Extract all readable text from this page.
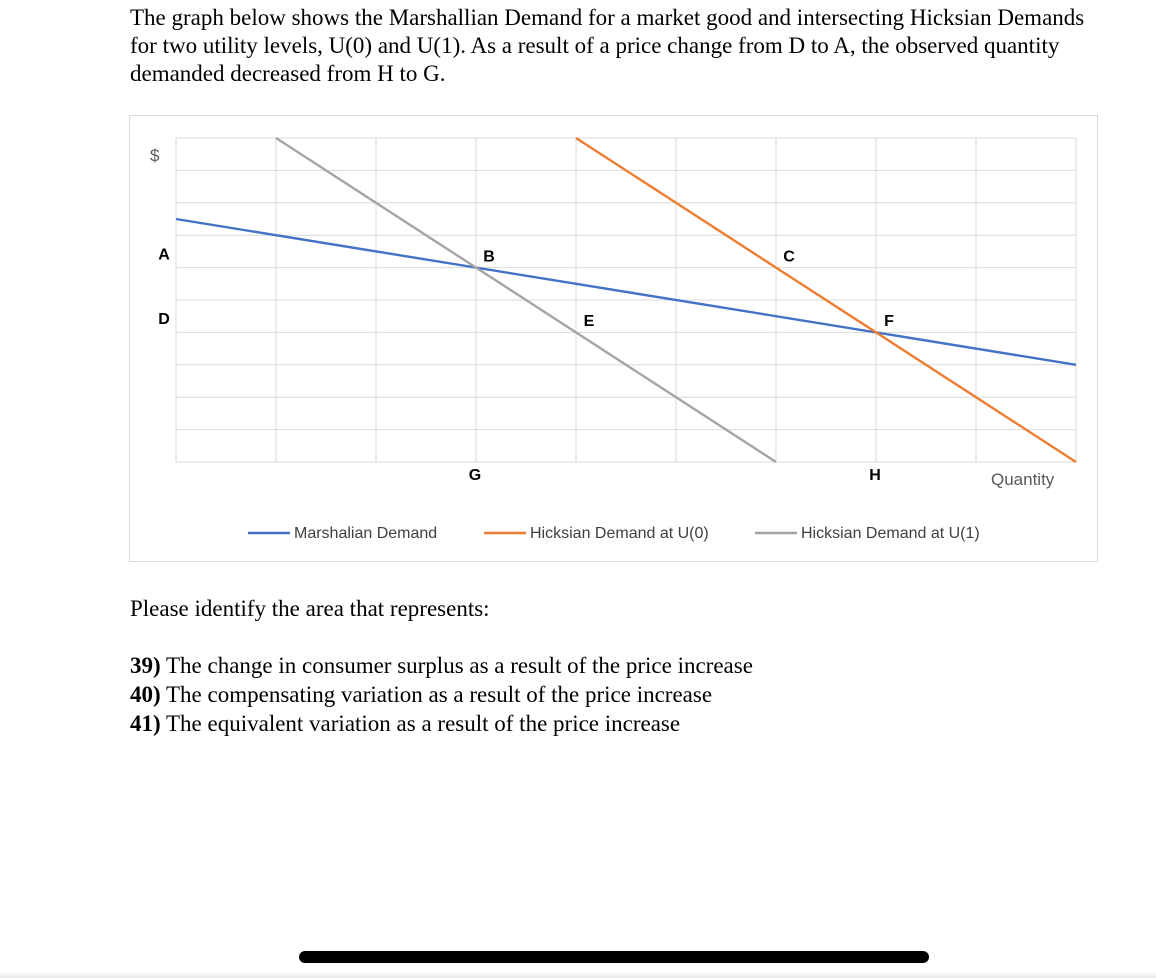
The graph below shows the Marshallian Demand for a market good and intersecting Hicksian Demands for two utility levels, U(0) and U(1). As a result of a price change from D to A, the observed quantity demanded decreased from H to G.

$
Quantity
A
D
G	H
B	C
E	F
Marshalian Demand	Hicksian Demand at U(0)	Hicksian Demand at U(1)

Please identify the area that represents:

39) The change in consumer surplus as a result of the price increase

40) The compensating variation as a result of the price increase

41) The equivalent variation as a result of the price increase
